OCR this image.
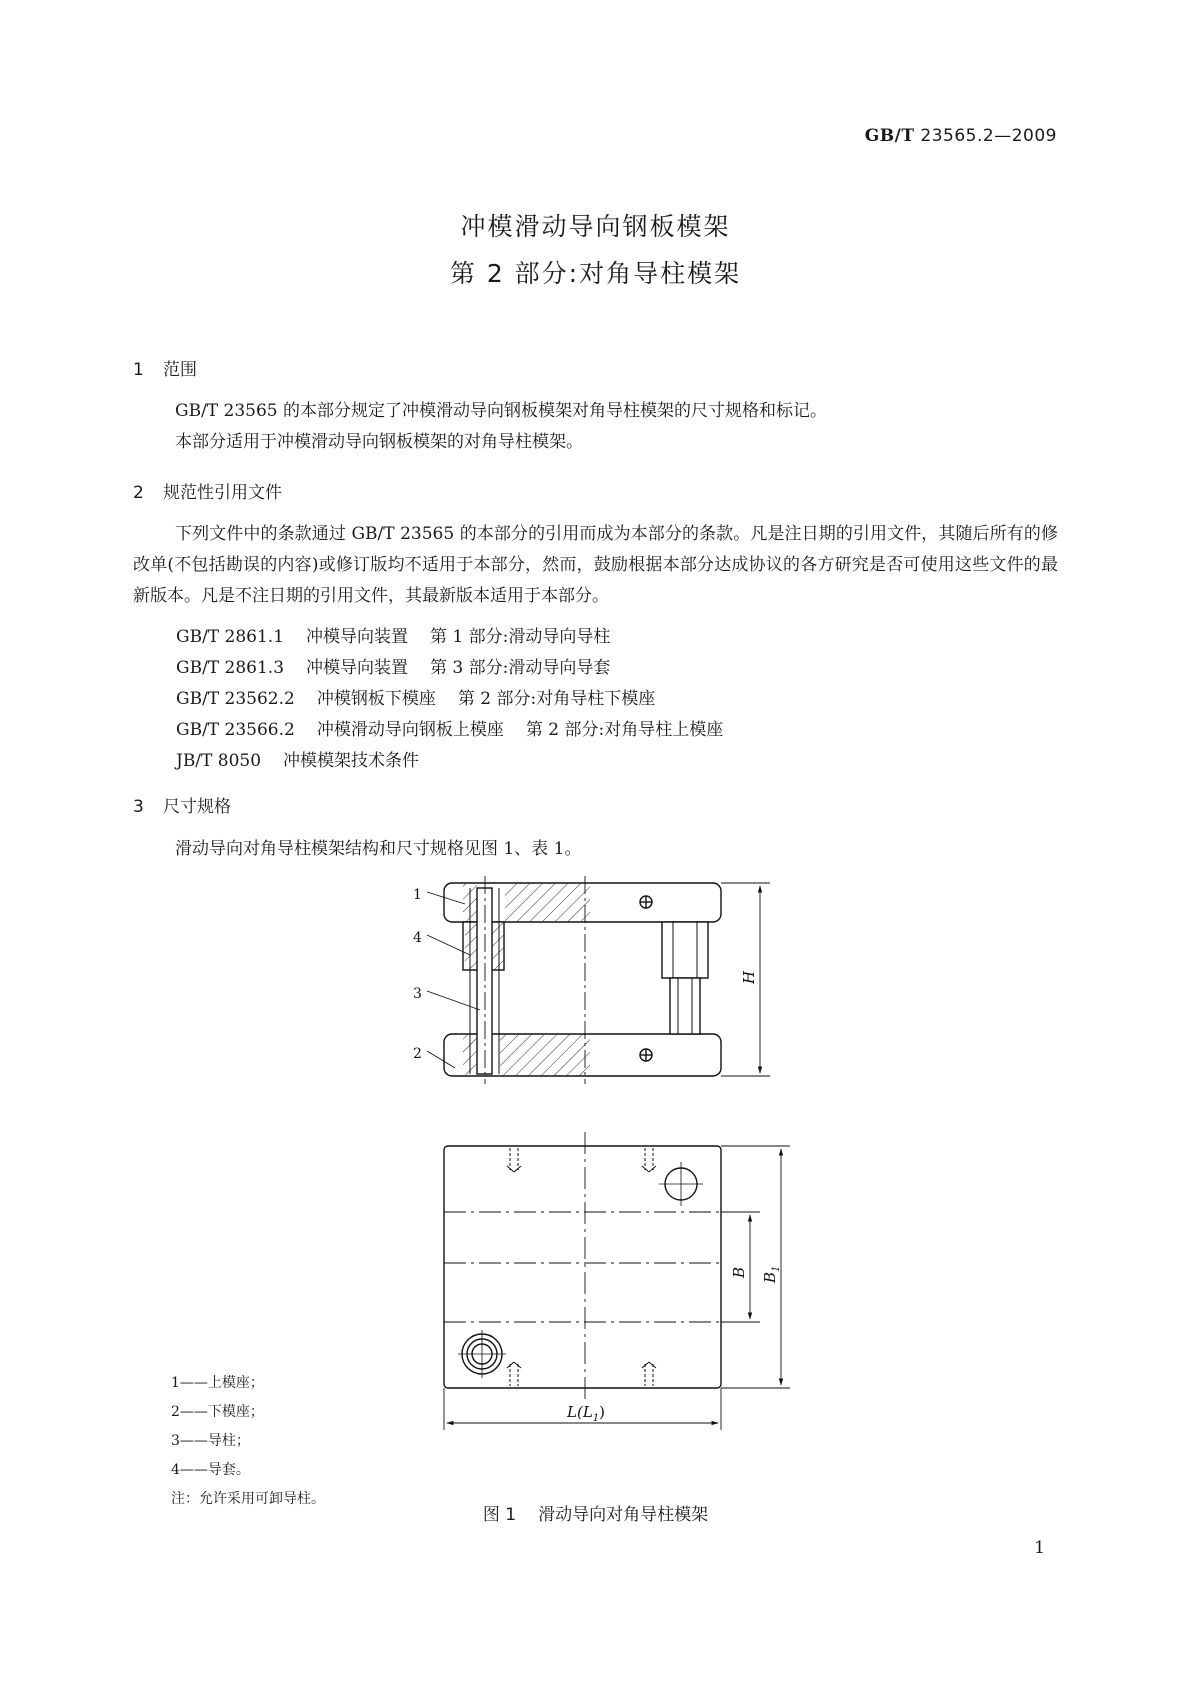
GB/T 23565.2—2009
冲模滑动导向钢板模架
第 2 部分:对角导柱模架
1 范围
GB/T 23565 的本部分规定了冲模滑动导向钢板模架对角导柱模架的尺寸规格和标记。
本部分适用于冲模滑动导向钢板模架的对角导柱模架。
2 规范性引用文件
下列文件中的条款通过 GB/T 23565 的本部分的引用而成为本部分的条款。凡是注日期的引用文件，其随后所有的修改单(不包括勘误的内容)或修订版均不适用于本部分，然而，鼓励根据本部分达成协议的各方研究是否可使用这些文件的最新版本。凡是不注日期的引用文件，其最新版本适用于本部分。
GB/T 2861.1 冲模导向装置 第 1 部分:滑动导向导柱
GB/T 2861.3 冲模导向装置 第 3 部分:滑动导向导套
GB/T 23562.2 冲模钢板下模座 第 2 部分:对角导柱下模座
GB/T 23566.2 冲模滑动导向钢板上模座 第 2 部分:对角导柱上模座
JB/T 8050 冲模模架技术条件
3 尺寸规格
滑动导向对角导柱模架结构和尺寸规格见图 1、表 1。
1
4
3
2
H
B $B_1$
$L(L_1)$
1——上模座；
2——下模座；
3——导柱；
4——导套。
注：允许采用可卸导柱。
图 1 滑动导向对角导柱模架
1
